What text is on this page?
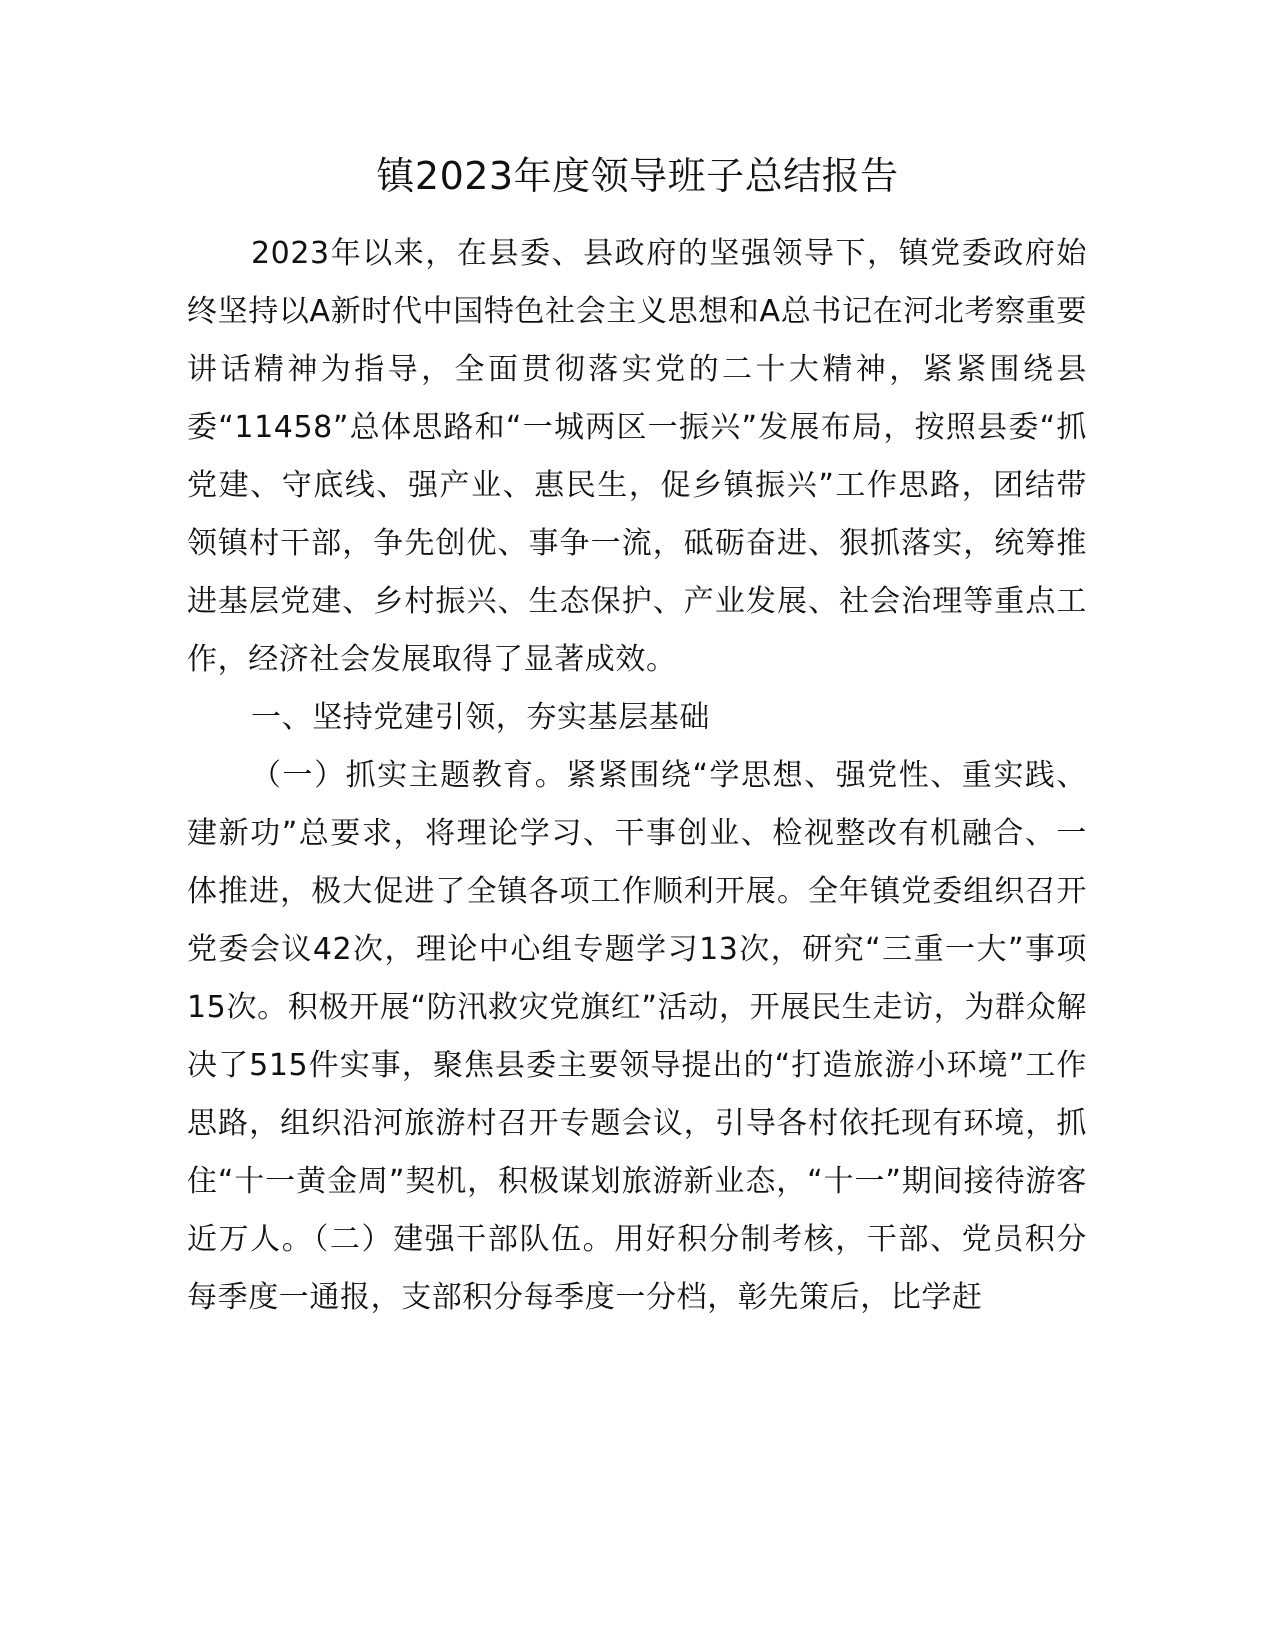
镇2023年度领导班子总结报告

2023年以来，在县委、县政府的坚强领导下，镇党委政府始终坚持以A新时代中国特色社会主义思想和A总书记在河北考察重要讲话精神为指导，全面贯彻落实党的二十大精神，紧紧围绕县委“11458”总体思路和“一城两区一振兴”发展布局，按照县委“抓党建、守底线、强产业、惠民生，促乡镇振兴”工作思路，团结带领镇村干部，争先创优、事争一流，砥砺奋进、狠抓落实，统筹推进基层党建、乡村振兴、生态保护、产业发展、社会治理等重点工作，经济社会发展取得了显著成效。

一、坚持党建引领，夯实基层基础

（一）抓实主题教育。紧紧围绕“学思想、强党性、重实践、建新功”总要求，将理论学习、干事创业、检视整改有机融合、一体推进，极大促进了全镇各项工作顺利开展。全年镇党委组织召开党委会议42次，理论中心组专题学习13次，研究“三重一大”事项15次。积极开展“防汛救灾党旗红”活动，开展民生走访，为群众解决了515件实事，聚焦县委主要领导提出的“打造旅游小环境”工作思路，组织沿河旅游村召开专题会议，引导各村依托现有环境，抓住“十一黄金周”契机，积极谋划旅游新业态，“十一”期间接待游客近万人。（二）建强干部队伍。用好积分制考核，干部、党员积分每季度一通报，支部积分每季度一分档，彰先策后，比学赶
